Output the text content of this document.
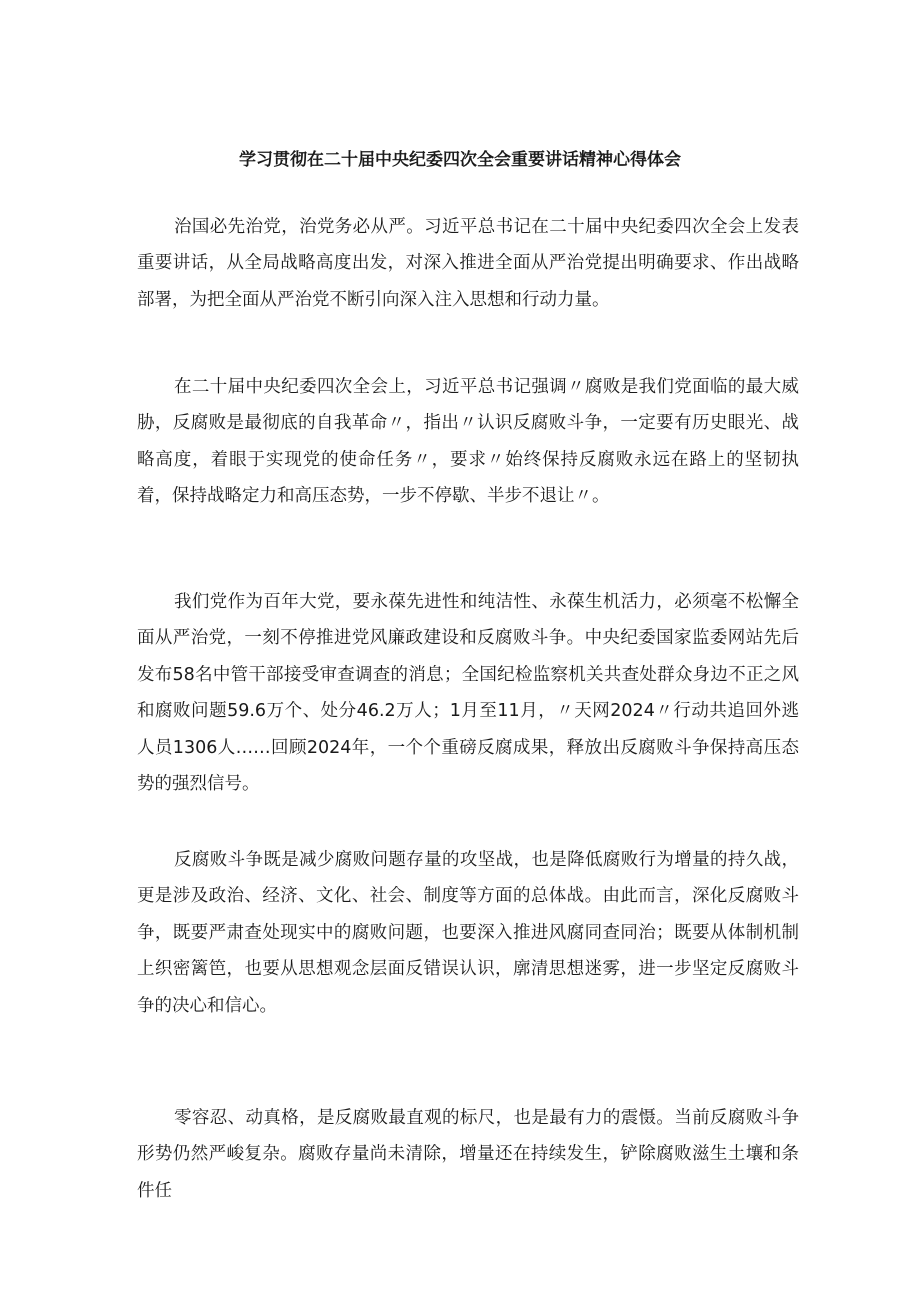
学习贯彻在二十届中央纪委四次全会重要讲话精神心得体会

治国必先治党，治党务必从严。习近平总书记在二十届中央纪委四次全会上发表重要讲话，从全局战略高度出发，对深入推进全面从严治党提出明确要求、作出战略部署，为把全面从严治党不断引向深入注入思想和行动力量。

在二十届中央纪委四次全会上，习近平总书记强调〃腐败是我们党面临的最大威胁，反腐败是最彻底的自我革命〃，指出〃认识反腐败斗争，一定要有历史眼光、战略高度，着眼于实现党的使命任务〃，要求〃始终保持反腐败永远在路上的坚韧执着，保持战略定力和高压态势，一步不停歇、半步不退让〃。

我们党作为百年大党，要永葆先进性和纯洁性、永葆生机活力，必须毫不松懈全面从严治党，一刻不停推进党风廉政建设和反腐败斗争。中央纪委国家监委网站先后发布58名中管干部接受审查调查的消息；全国纪检监察机关共查处群众身边不正之风和腐败问题59.6万个、处分46.2万人；1月至11月，〃天网2024〃行动共追回外逃人员1306人……回顾2024年，一个个重磅反腐成果，释放出反腐败斗争保持高压态势的强烈信号。

反腐败斗争既是减少腐败问题存量的攻坚战，也是降低腐败行为增量的持久战，更是涉及政治、经济、文化、社会、制度等方面的总体战。由此而言，深化反腐败斗争，既要严肃查处现实中的腐败问题，也要深入推进风腐同查同治；既要从体制机制上织密篱笆，也要从思想观念层面反错误认识，廓清思想迷雾，进一步坚定反腐败斗争的决心和信心。

零容忍、动真格，是反腐败最直观的标尺，也是最有力的震慑。当前反腐败斗争形势仍然严峻复杂。腐败存量尚未清除，增量还在持续发生，铲除腐败滋生土壤和条件任
